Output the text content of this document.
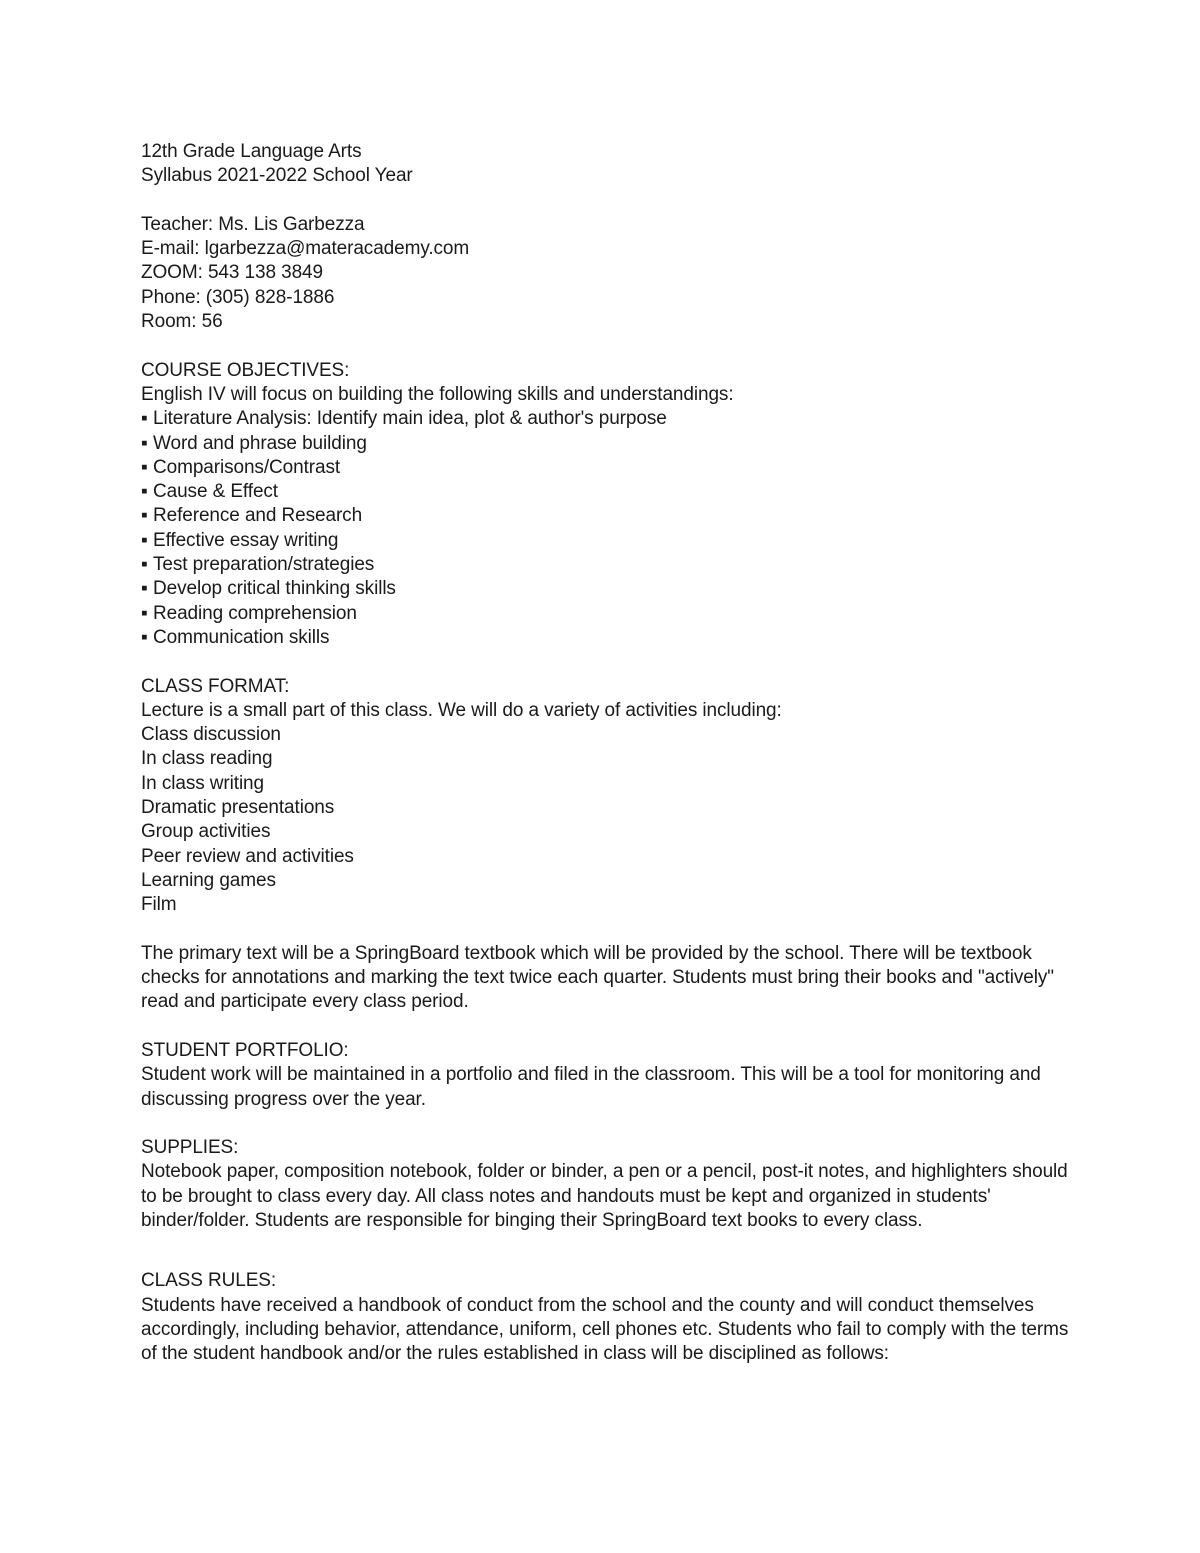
12th Grade Language Arts
Syllabus 2021-2022 School Year
Teacher: Ms. Lis Garbezza
E-mail: lgarbezza@materacademy.com
ZOOM: 543 138 3849
Phone: (305) 828-1886
Room: 56
COURSE OBJECTIVES:
English IV will focus on building the following skills and understandings:
▪ Literature Analysis: Identify main idea, plot & author's purpose
▪ Word and phrase building
▪ Comparisons/Contrast
▪ Cause & Effect
▪ Reference and Research
▪ Effective essay writing
▪ Test preparation/strategies
▪ Develop critical thinking skills
▪ Reading comprehension
▪ Communication skills
CLASS FORMAT:
Lecture is a small part of this class. We will do a variety of activities including:
Class discussion
In class reading
In class writing
Dramatic presentations
Group activities
Peer review and activities
Learning games
Film
The primary text will be a SpringBoard textbook which will be provided by the school. There will be textbook checks for annotations and marking the text twice each quarter. Students must bring their books and "actively" read and participate every class period.
STUDENT PORTFOLIO:
Student work will be maintained in a portfolio and filed in the classroom. This will be a tool for monitoring and discussing progress over the year.
SUPPLIES:
Notebook paper, composition notebook, folder or binder, a pen or a pencil, post-it notes, and highlighters should to be brought to class every day. All class notes and handouts must be kept and organized in students' binder/folder. Students are responsible for binging their SpringBoard text books to every class.
CLASS RULES:
Students have received a handbook of conduct from the school and the county and will conduct themselves accordingly, including behavior, attendance, uniform, cell phones etc. Students who fail to comply with the terms of the student handbook and/or the rules established in class will be disciplined as follows:
